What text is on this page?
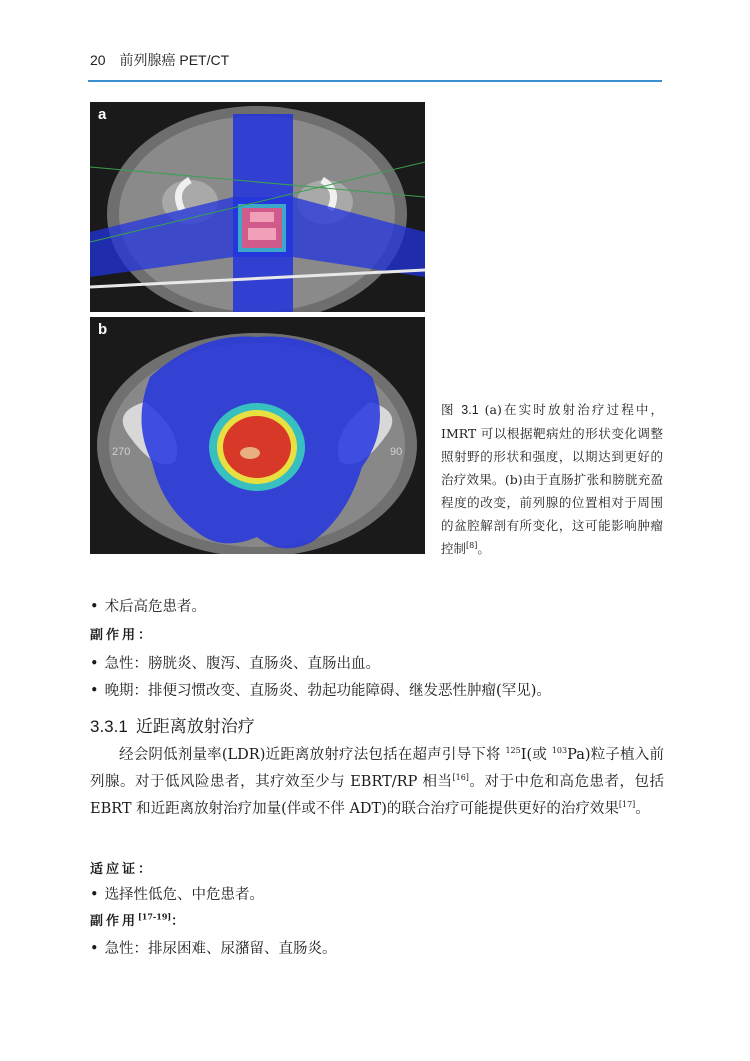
20 前列腺癌 PET/CT
a
270	90
b
图 3.1 (a)在实时放射治疗过程中，IMRT 可以根据靶病灶的形状变化调整照射野的形状和强度，以期达到更好的治疗效果。(b)由于直肠扩张和膀胱充盈程度的改变，前列腺的位置相对于周围的盆腔解剖有所变化，这可能影响肿瘤控制[8]。
• 术后高危患者。
副作用：
• 急性：膀胱炎、腹泻、直肠炎、直肠出血。
• 晚期：排便习惯改变、直肠炎、勃起功能障碍、继发恶性肿瘤(罕见)。
3.3.1 近距离放射治疗
经会阴低剂量率(LDR)近距离放射疗法包括在超声引导下将 $^{125}$I(或 $^{103}$Pa)粒子植入前列腺。对于低风险患者，其疗效至少与 EBRT/RP 相当[16]。对于中危和高危患者，包括 EBRT 和近距离放射治疗加量(伴或不伴 ADT)的联合治疗可能提供更好的治疗效果[17]。
适应证：
• 选择性低危、中危患者。
副作用[17-19]：
• 急性：排尿困难、尿潴留、直肠炎。
